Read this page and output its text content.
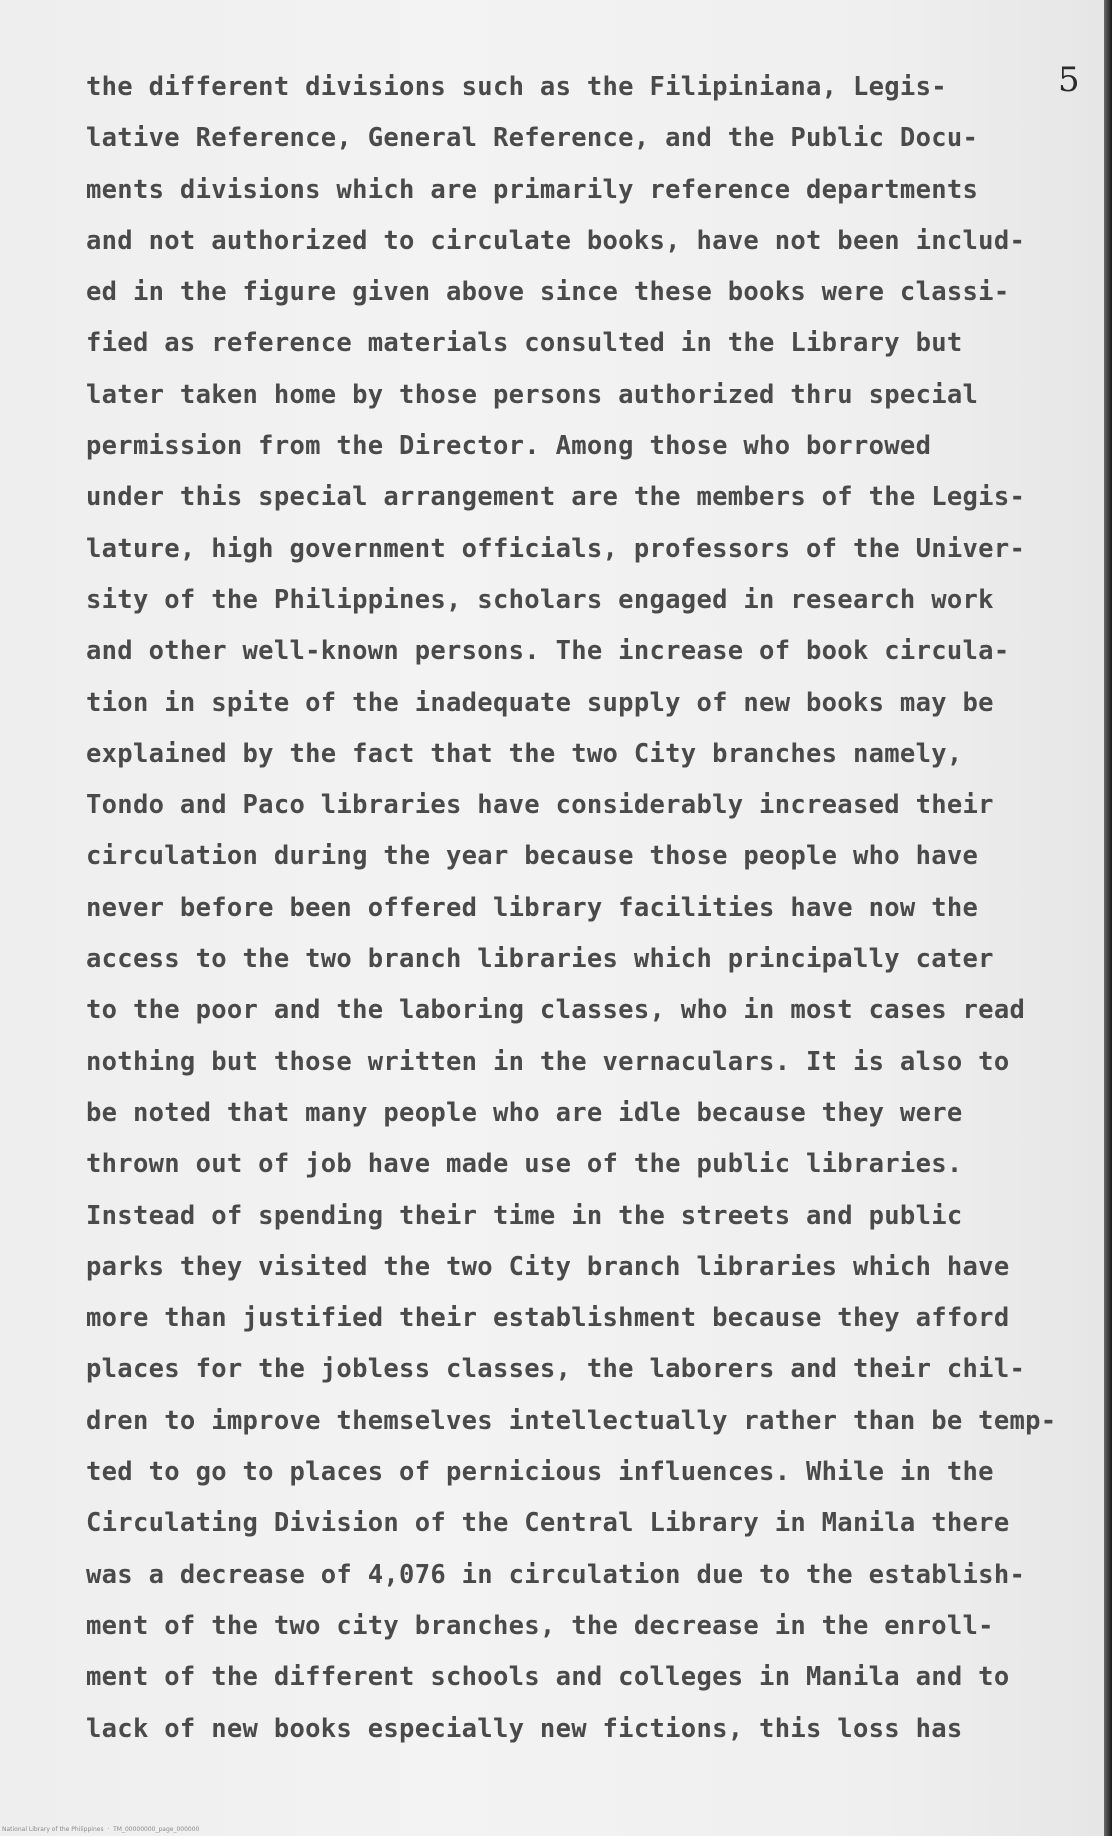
5
the different divisions such as the Filipiniana, Legis-
lative Reference, General Reference, and the Public Docu-
ments divisions which are primarily reference departments
and not authorized to circulate books, have not been includ-
ed in the figure given above since these books were classi-
fied as reference materials consulted in the Library but
later taken home by those persons authorized thru special
permission from the Director. Among those who borrowed
under this special arrangement are the members of the Legis-
lature, high government officials, professors of the Univer-
sity of the Philippines, scholars engaged in research work
and other well-known persons. The increase of book circula-
tion in spite of the inadequate supply of new books may be
explained by the fact that the two City branches namely,
Tondo and Paco libraries have considerably increased their
circulation during the year because those people who have
never before been offered library facilities have now the
access to the two branch libraries which principally cater
to the poor and the laboring classes, who in most cases read
nothing but those written in the vernaculars. It is also to
be noted that many people who are idle because they were
thrown out of job have made use of the public libraries.
Instead of spending their time in the streets and public
parks they visited the two City branch libraries which have
more than justified their establishment because they afford
places for the jobless classes, the laborers and their chil-
dren to improve themselves intellectually rather than be temp-
ted to go to places of pernicious influences. While in the
Circulating Division of the Central Library in Manila there
was a decrease of 4,076 in circulation due to the establish-
ment of the two city branches, the decrease in the enroll-
ment of the different schools and colleges in Manila and to
lack of new books especially new fictions, this loss has
National Library of the Philippines  ·  TM_00000000_page_000000
